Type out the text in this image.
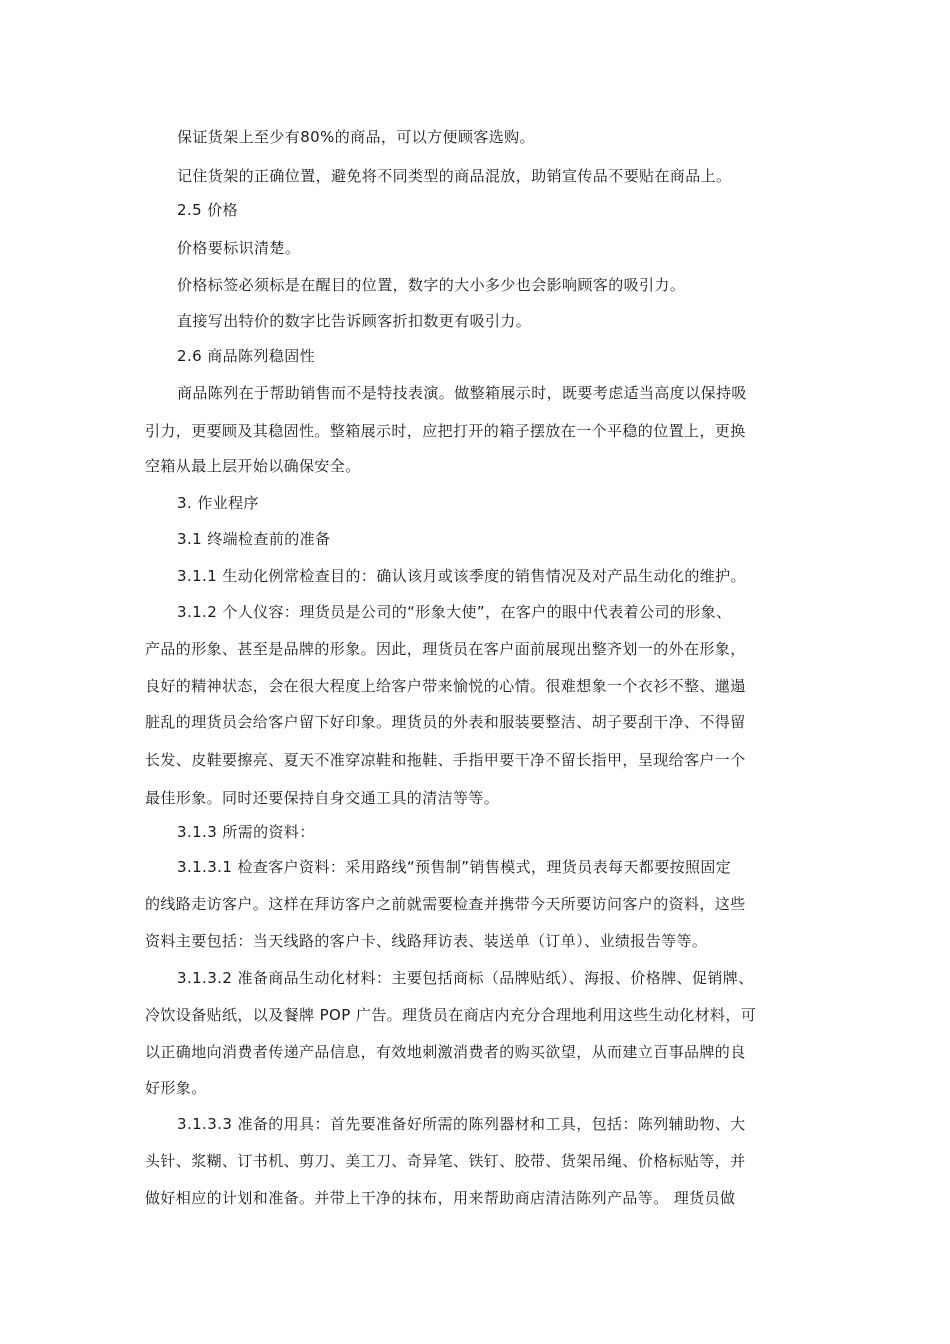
保证货架上至少有80%的商品，可以方便顾客选购。
记住货架的正确位置，避免将不同类型的商品混放，助销宣传品不要贴在商品上。
2.5 价格
价格要标识清楚。
价格标签必须标是在醒目的位置，数字的大小多少也会影响顾客的吸引力。
直接写出特价的数字比告诉顾客折扣数更有吸引力。
2.6 商品陈列稳固性
商品陈列在于帮助销售而不是特技表演。做整箱展示时，既要考虑适当高度以保持吸
引力，更要顾及其稳固性。整箱展示时，应把打开的箱子摆放在一个平稳的位置上，更换
空箱从最上层开始以确保安全。
3. 作业程序
3.1 终端检查前的准备
3.1.1 生动化例常检查目的：确认该月或该季度的销售情况及对产品生动化的维护。
3.1.2 个人仪容：理货员是公司的“形象大使”，在客户的眼中代表着公司的形象、
产品的形象、甚至是品牌的形象。因此，理货员在客户面前展现出整齐划一的外在形象，
良好的精神状态，会在很大程度上给客户带来愉悦的心情。很难想象一个衣衫不整、邋遢
脏乱的理货员会给客户留下好印象。理货员的外表和服装要整洁、胡子要刮干净、不得留
长发、皮鞋要擦亮、夏天不准穿凉鞋和拖鞋、手指甲要干净不留长指甲，呈现给客户一个
最佳形象。同时还要保持自身交通工具的清洁等等。
3.1.3 所需的资料：
3.1.3.1 检查客户资料：采用路线“预售制”销售模式，理货员表每天都要按照固定
的线路走访客户。这样在拜访客户之前就需要检查并携带今天所要访问客户的资料，这些
资料主要包括：当天线路的客户卡、线路拜访表、装送单（订单）、业绩报告等等。
3.1.3.2 准备商品生动化材料：主要包括商标（品牌贴纸）、海报、价格牌、促销牌、
冷饮设备贴纸，以及餐牌 POP 广告。理货员在商店内充分合理地利用这些生动化材料，可
以正确地向消费者传递产品信息，有效地刺激消费者的购买欲望，从而建立百事品牌的良
好形象。
3.1.3.3 准备的用具：首先要准备好所需的陈列器材和工具，包括：陈列辅助物、大
头针、浆糊、订书机、剪刀、美工刀、奇异笔、铁钉、胶带、货架吊绳、价格标贴等，并
做好相应的计划和准备。并带上干净的抹布，用来帮助商店清洁陈列产品等。 理货员做
